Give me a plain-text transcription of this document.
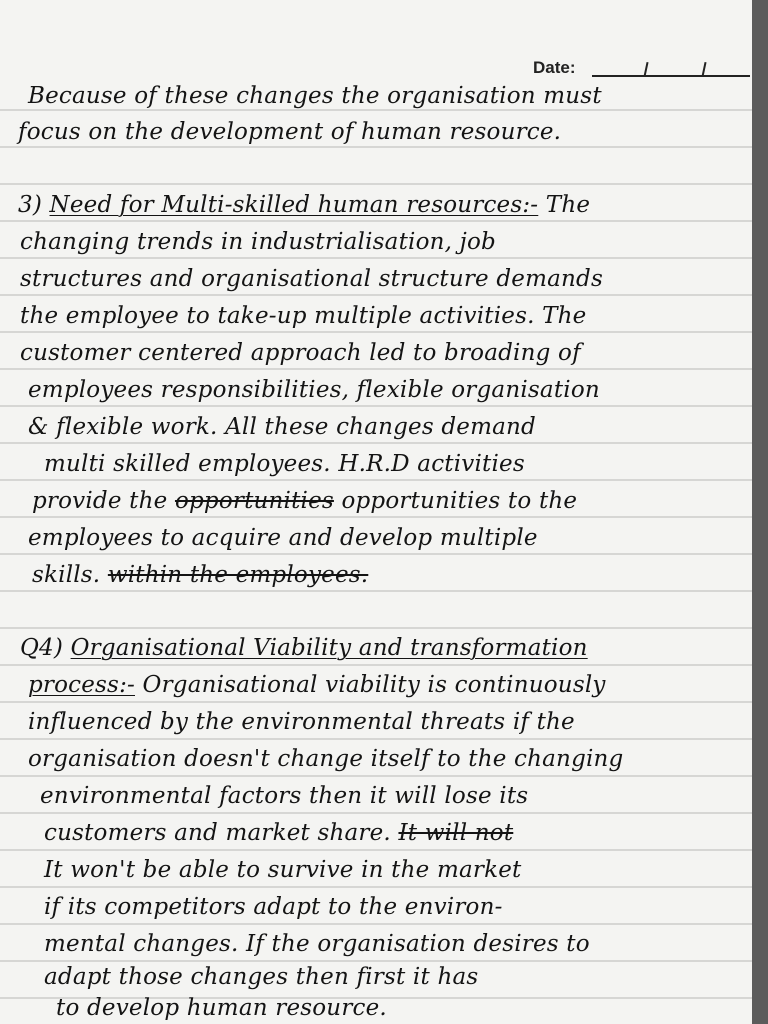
Date:
Because of these changes the organisation must
focus on the development of human resource.
3) Need for Multi-skilled human resources:- The
changing trends in industrialisation, job
structures and organisational structure demands
the employee to take-up multiple activities. The
customer centered approach led to broading of
employees responsibilities, flexible organisation
& flexible work. All these changes demand
multi skilled employees. H.R.D activities
provide the opportunities opportunities to the
employees to acquire and develop multiple
skills. within the employees.
Q4) Organisational Viability and transformation
process:- Organisational viability is continuously
influenced by the environmental threats if the
organisation doesn't change itself to the changing
environmental factors then it will lose its
customers and market share. It will not
It won't be able to survive in the market
if its competitors adapt to the environ-
mental changes. If the organisation desires to
adapt those changes then first it has
to develop human resource.
